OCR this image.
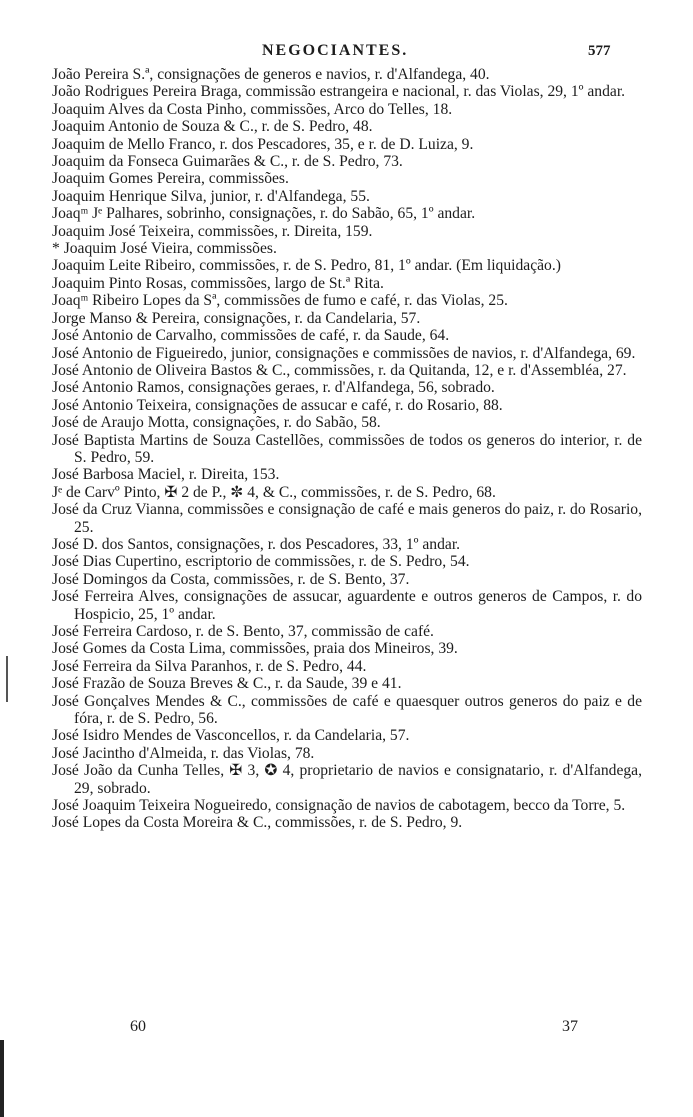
NEGOCIANTES.	577
João Pereira S.ª, consignações de generos e navios, r. d'Alfandega, 40.
João Rodrigues Pereira Braga, commissão estrangeira e nacional, r. das Violas, 29, 1º andar.
Joaquim Alves da Costa Pinho, commissões, Arco do Telles, 18.
Joaquim Antonio de Souza & C., r. de S. Pedro, 48.
Joaquim de Mello Franco, r. dos Pescadores, 35, e r. de D. Luiza, 9.
Joaquim da Fonseca Guimarães & C., r. de S. Pedro, 73.
Joaquim Gomes Pereira, commissões.
Joaquim Henrique Silva, junior, r. d'Alfandega, 55.
Joaqᵐ Jᵉ Palhares, sobrinho, consignações, r. do Sabão, 65, 1º andar.
Joaquim José Teixeira, commissões, r. Direita, 159.
* Joaquim José Vieira, commissões.
Joaquim Leite Ribeiro, commissões, r. de S. Pedro, 81, 1º andar. (Em liquidação.)
Joaquim Pinto Rosas, commissões, largo de St.ª Rita.
Joaqᵐ Ribeiro Lopes da Sª, commissões de fumo e café, r. das Violas, 25.
Jorge Manso & Pereira, consignações, r. da Candelaria, 57.
José Antonio de Carvalho, commissões de café, r. da Saude, 64.
José Antonio de Figueiredo, junior, consignações e commissões de navios, r. d'Alfandega, 69.
José Antonio de Oliveira Bastos & C., commissões, r. da Quitanda, 12, e r. d'Assembléa, 27.
José Antonio Ramos, consignações geraes, r. d'Alfandega, 56, sobrado.
José Antonio Teixeira, consignações de assucar e café, r. do Rosario, 88.
José de Araujo Motta, consignações, r. do Sabão, 58.
José Baptista Martins de Souza Castellões, commissões de todos os generos do interior, r. de S. Pedro, 59.
José Barbosa Maciel, r. Direita, 153.
Jᵉ de Carvº Pinto, ✠ 2 de P., ✼ 4, & C., commissões, r. de S. Pedro, 68.
José da Cruz Vianna, commissões e consignação de café e mais generos do paiz, r. do Rosario, 25.
José D. dos Santos, consignações, r. dos Pescadores, 33, 1º andar.
José Dias Cupertino, escriptorio de commissões, r. de S. Pedro, 54.
José Domingos da Costa, commissões, r. de S. Bento, 37.
José Ferreira Alves, consignações de assucar, aguardente e outros generos de Campos, r. do Hospicio, 25, 1º andar.
José Ferreira Cardoso, r. de S. Bento, 37, commissão de café.
José Gomes da Costa Lima, commissões, praia dos Mineiros, 39.
José Ferreira da Silva Paranhos, r. de S. Pedro, 44.
José Frazão de Souza Breves & C., r. da Saude, 39 e 41.
José Gonçalves Mendes & C., commissões de café e quaesquer outros generos do paiz e de fóra, r. de S. Pedro, 56.
José Isidro Mendes de Vasconcellos, r. da Candelaria, 57.
José Jacintho d'Almeida, r. das Violas, 78.
José João da Cunha Telles, ✠ 3, ✪ 4, proprietario de navios e consignatario, r. d'Alfandega, 29, sobrado.
José Joaquim Teixeira Nogueiredo, consignação de navios de cabotagem, becco da Torre, 5.
José Lopes da Costa Moreira & C., commissões, r. de S. Pedro, 9.
60	37
